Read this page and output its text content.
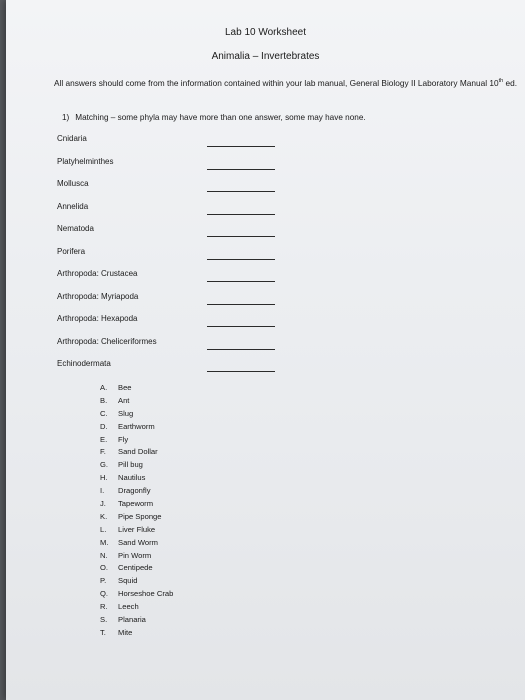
Lab 10 Worksheet

Animalia – Invertebrates

All answers should come from the information contained within your lab manual, General Biology II Laboratory Manual 10th ed.

1) Matching – some phyla may have more than one answer, some may have none.

Cnidaria
Platyhelminthes
Mollusca
Annelida
Nematoda
Porifera
Arthropoda: Crustacea
Arthropoda: Myriapoda
Arthropoda: Hexapoda
Arthropoda: Cheliceriformes
Echinodermata
A. Bee
B. Ant
C. Slug
D. Earthworm
E. Fly
F. Sand Dollar
G. Pill bug
H. Nautilus
I. Dragonfly
J. Tapeworm
K. Pipe Sponge
L. Liver Fluke
M. Sand Worm
N. Pin Worm
O. Centipede
P. Squid
Q. Horseshoe Crab
R. Leech
S. Planaria
T. Mite
